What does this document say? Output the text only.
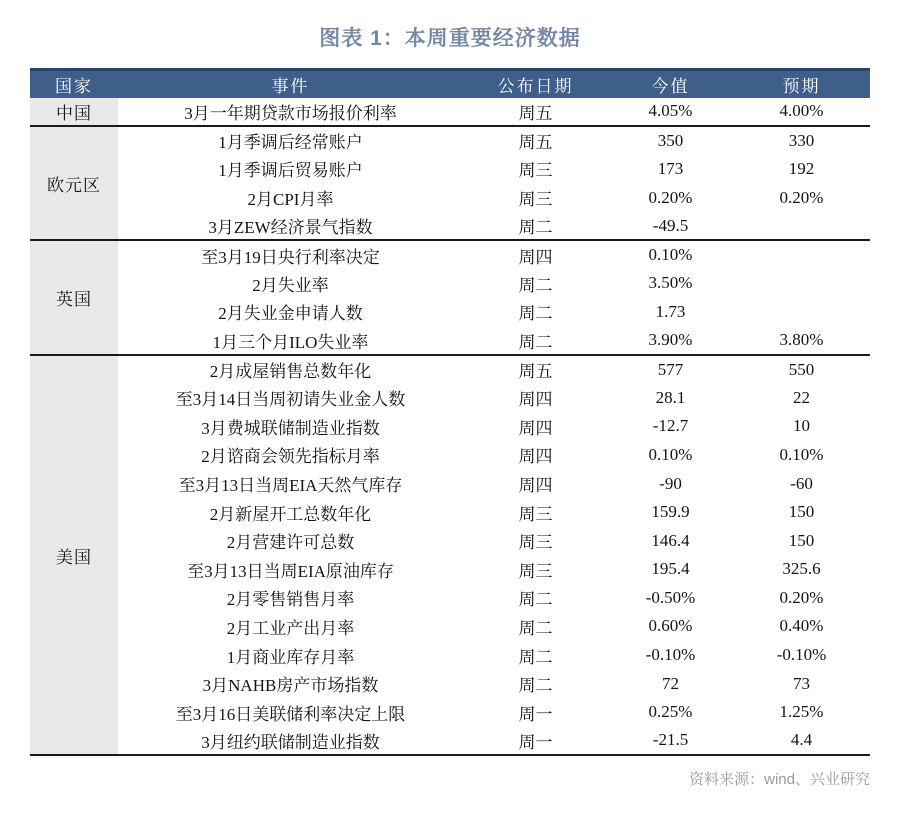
图表 1：本周重要经济数据
国家	事件	公布日期	今值	预期
中国	3月一年期贷款市场报价利率	周五	4.05%	4.00%
欧元区	1月季调后经常账户	周五	350	330
	1月季调后贸易账户	周三	173	192
	2月CPI月率	周三	0.20%	0.20%
	3月ZEW经济景气指数	周二	-49.5	
英国	至3月19日央行利率决定	周四	0.10%	
	2月失业率	周二	3.50%	
	2月失业金申请人数	周二	1.73	
	1月三个月ILO失业率	周二	3.90%	3.80%
美国	2月成屋销售总数年化	周五	577	550
	至3月14日当周初请失业金人数	周四	28.1	22
	3月费城联储制造业指数	周四	-12.7	10
	2月谘商会领先指标月率	周四	0.10%	0.10%
	至3月13日当周EIA天然气库存	周四	-90	-60
	2月新屋开工总数年化	周三	159.9	150
	2月营建许可总数	周三	146.4	150
	至3月13日当周EIA原油库存	周三	195.4	325.6
	2月零售销售月率	周二	-0.50%	0.20%
	2月工业产出月率	周二	0.60%	0.40%
	1月商业库存月率	周二	-0.10%	-0.10%
	3月NAHB房产市场指数	周二	72	73
	至3月16日美联储利率决定上限	周一	0.25%	1.25%
	3月纽约联储制造业指数	周一	-21.5	4.4
资料来源：wind、兴业研究
